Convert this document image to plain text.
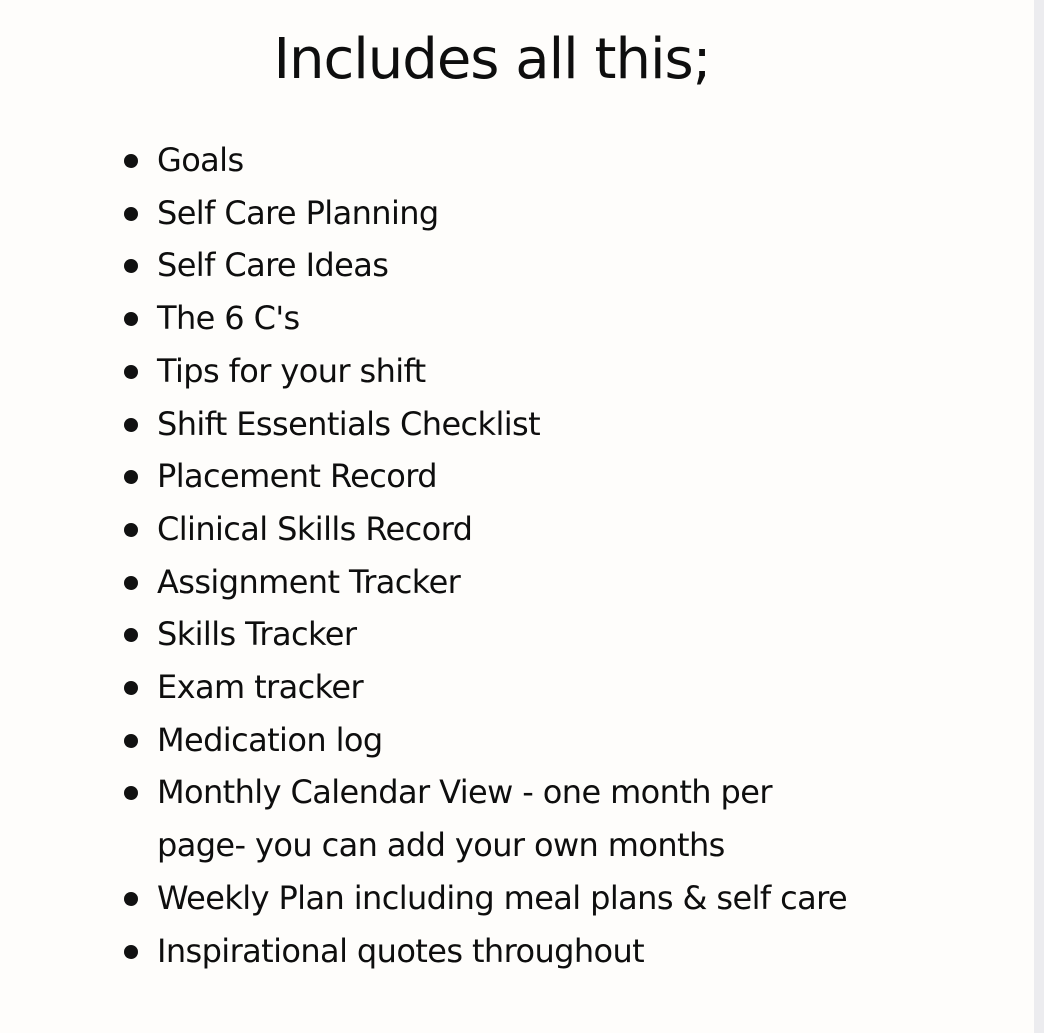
Includes all this;
Goals
Self Care Planning
Self Care Ideas
The 6 C's
Tips for your shift
Shift Essentials Checklist
Placement Record
Clinical Skills Record
Assignment Tracker
Skills Tracker
Exam tracker
Medication log
Monthly Calendar View - one month per page- you can add your own months
Weekly Plan including meal plans & self care
Inspirational quotes throughout
